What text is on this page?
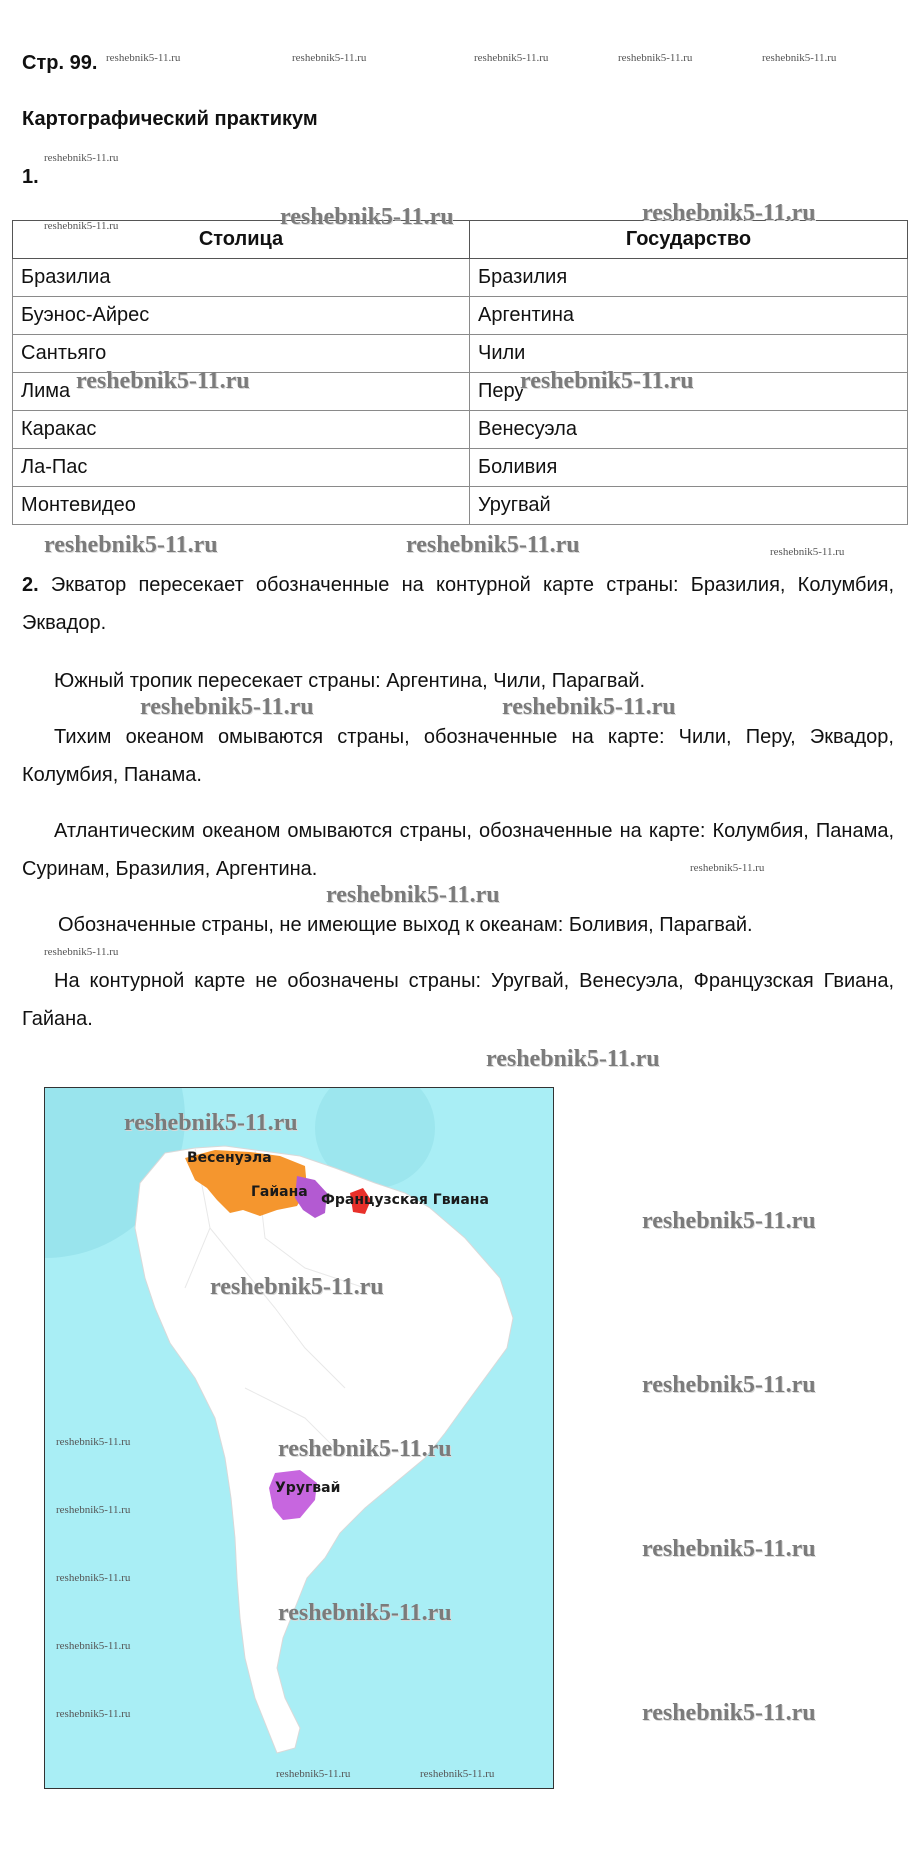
Стр. 99.
Картографический практикум
1.
Столица	Государство
Бразилиа	Бразилия
Буэнос-Айрес	Аргентина
Сантьяго	Чили
Лима	Перу
Каракас	Венесуэла
Ла-Пас	Боливия
Монтевидео	Уругвай
2. Экватор пересекает обозначенные на контурной карте страны: Бразилия, Колумбия, Эквадор.
Южный тропик пересекает страны: Аргентина, Чили, Парагвай.
Тихим океаном омываются страны, обозначенные на карте: Чили, Перу, Эквадор, Колумбия, Панама.
Атлантическим океаном омываются страны, обозначенные на карте: Колумбия, Панама, Суринам, Бразилия, Аргентина.
Обозначенные страны, не имеющие выход к океанам: Боливия, Парагвай.
На контурной карте не обозначены страны: Уругвай, Венесуэла, Французская Гвиана, Гайана.
Весенуэла
Гайана Французская Гвиана
Уругвай
reshebnik5-11.ru	reshebnik5-11.ru	reshebnik5-11.ru	reshebnik5-11.ru	reshebnik5-11.ru
reshebnik5-11.ru
reshebnik5-11.ru	reshebnik5-11.ru	reshebnik5-11.ru
reshebnik5-11.ru	reshebnik5-11.ru
reshebnik5-11.ru	reshebnik5-11.ru	reshebnik5-11.ru
reshebnik5-11.ru	reshebnik5-11.ru
reshebnik5-11.ru
reshebnik5-11.ru
reshebnik5-11.ru
reshebnik5-11.ru
reshebnik5-11.ru
reshebnik5-11.ru
reshebnik5-11.ru
reshebnik5-11.ru
reshebnik5-11.ru	reshebnik5-11.ru
reshebnik5-11.ru
reshebnik5-11.ru
reshebnik5-11.ru
reshebnik5-11.ru
reshebnik5-11.ru
reshebnik5-11.ru
reshebnik5-11.ru
reshebnik5-11.ru	reshebnik5-11.ru
